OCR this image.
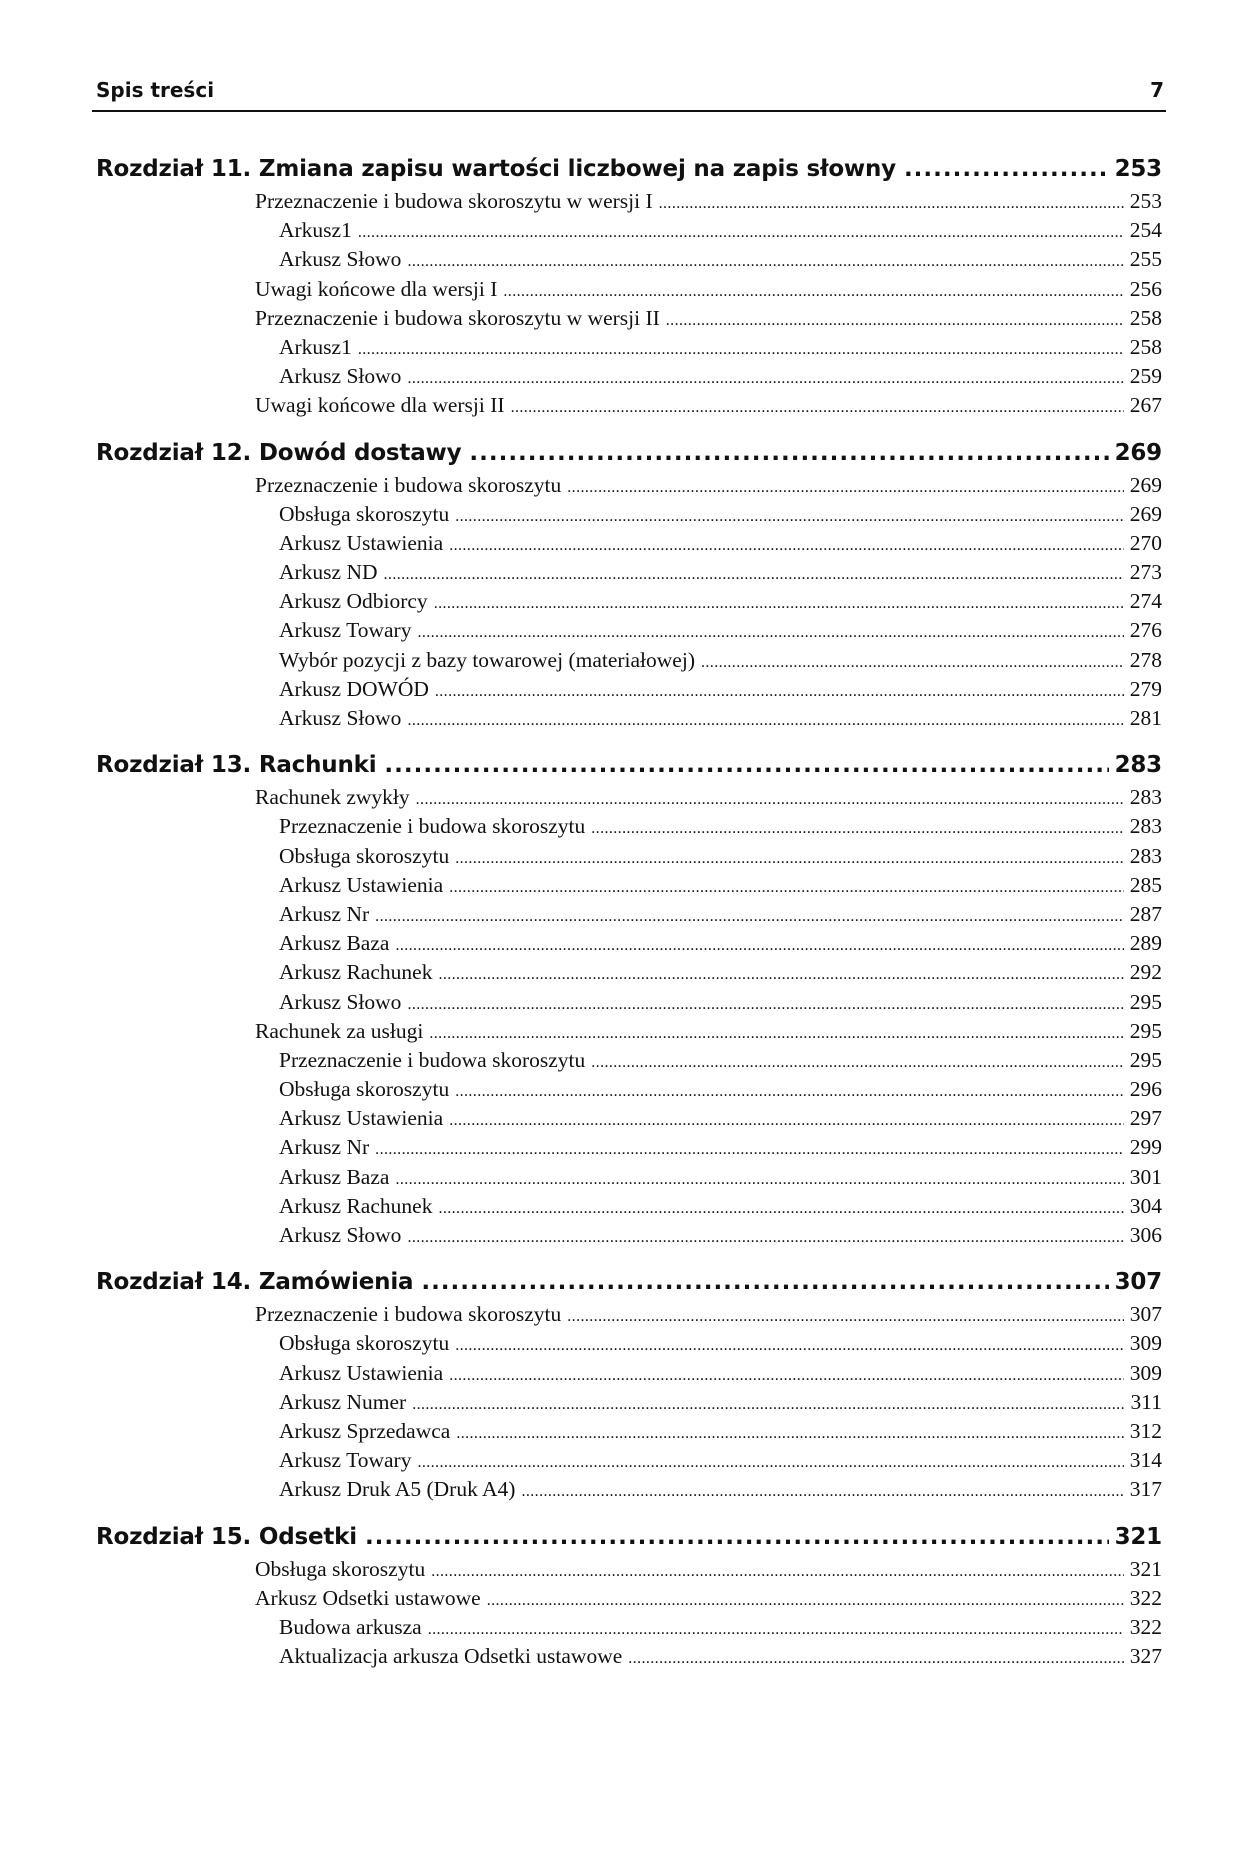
Spis treści	7
Rozdział 11. Zmiana zapisu wartości liczbowej na zapis słowny .....	253
Przeznaczenie i budowa skoroszytu w wersji I .....	253
Arkusz1 .....	254
Arkusz Słowo .....	255
Uwagi końcowe dla wersji I .....	256
Przeznaczenie i budowa skoroszytu w wersji II .....	258
Arkusz1 .....	258
Arkusz Słowo .....	259
Uwagi końcowe dla wersji II .....	267
Rozdział 12. Dowód dostawy .....	269
Przeznaczenie i budowa skoroszytu .....	269
Obsługa skoroszytu .....	269
Arkusz Ustawienia .....	270
Arkusz ND .....	273
Arkusz Odbiorcy .....	274
Arkusz Towary .....	276
Wybór pozycji z bazy towarowej (materiałowej) .....	278
Arkusz DOWÓD .....	279
Arkusz Słowo .....	281
Rozdział 13. Rachunki .....	283
Rachunek zwykły .....	283
Przeznaczenie i budowa skoroszytu .....	283
Obsługa skoroszytu .....	283
Arkusz Ustawienia .....	285
Arkusz Nr .....	287
Arkusz Baza .....	289
Arkusz Rachunek .....	292
Arkusz Słowo .....	295
Rachunek za usługi .....	295
Przeznaczenie i budowa skoroszytu .....	295
Obsługa skoroszytu .....	296
Arkusz Ustawienia .....	297
Arkusz Nr .....	299
Arkusz Baza .....	301
Arkusz Rachunek .....	304
Arkusz Słowo .....	306
Rozdział 14. Zamówienia .....	307
Przeznaczenie i budowa skoroszytu .....	307
Obsługa skoroszytu .....	309
Arkusz Ustawienia .....	309
Arkusz Numer .....	311
Arkusz Sprzedawca .....	312
Arkusz Towary .....	314
Arkusz Druk A5 (Druk A4) .....	317
Rozdział 15. Odsetki .....	321
Obsługa skoroszytu .....	321
Arkusz Odsetki ustawowe .....	322
Budowa arkusza .....	322
Aktualizacja arkusza Odsetki ustawowe .....	327
